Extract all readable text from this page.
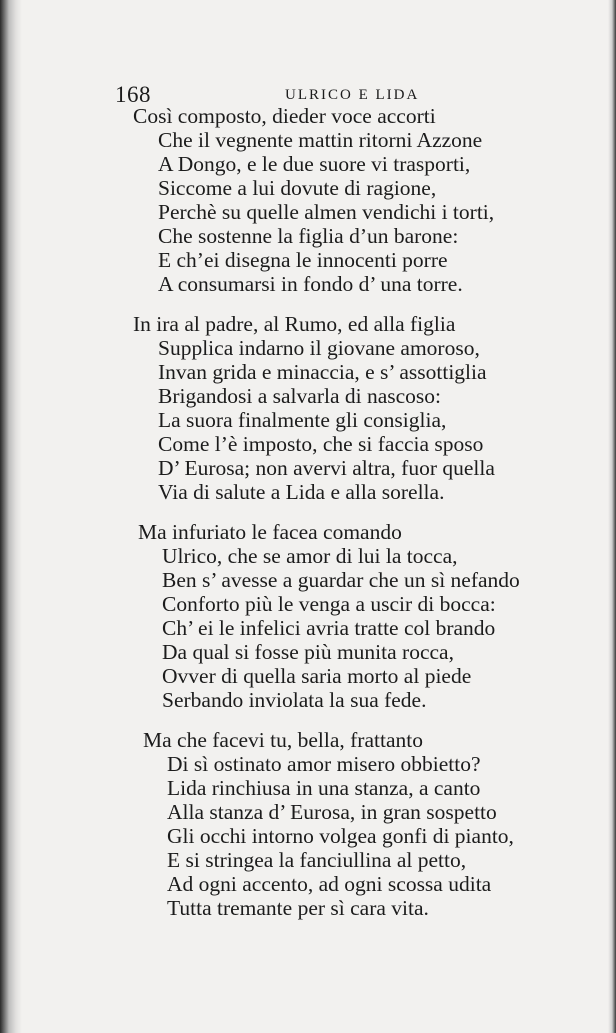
168	ULRICO E LIDA
Così composto, dieder voce accorti
Che il vegnente mattin ritorni Azzone
A Dongo, e le due suore vi trasporti,
Siccome a lui dovute di ragione,
Perchè su quelle almen vendichi i torti,
Che sostenne la figlia d’un barone:
E ch’ei disegna le innocenti porre
A consumarsi in fondo d’ una torre.
In ira al padre, al Rumo, ed alla figlia
Supplica indarno il giovane amoroso,
Invan grida e minaccia, e s’ assottiglia
Brigandosi a salvarla di nascoso:
La suora finalmente gli consiglia,
Come l’è imposto, che si faccia sposo
D’ Eurosa; non avervi altra, fuor quella
Via di salute a Lida e alla sorella.
Ma infuriato le facea comando
Ulrico, che se amor di lui la tocca,
Ben s’ avesse a guardar che un sì nefando
Conforto più le venga a uscir di bocca:
Ch’ ei le infelici avria tratte col brando
Da qual si fosse più munita rocca,
Ovver di quella saria morto al piede
Serbando inviolata la sua fede.
Ma che facevi tu, bella, frattanto
Di sì ostinato amor misero obbietto?
Lida rinchiusa in una stanza, a canto
Alla stanza d’ Eurosa, in gran sospetto
Gli occhi intorno volgea gonfi di pianto,
E si stringea la fanciullina al petto,
Ad ogni accento, ad ogni scossa udita
Tutta tremante per sì cara vita.
